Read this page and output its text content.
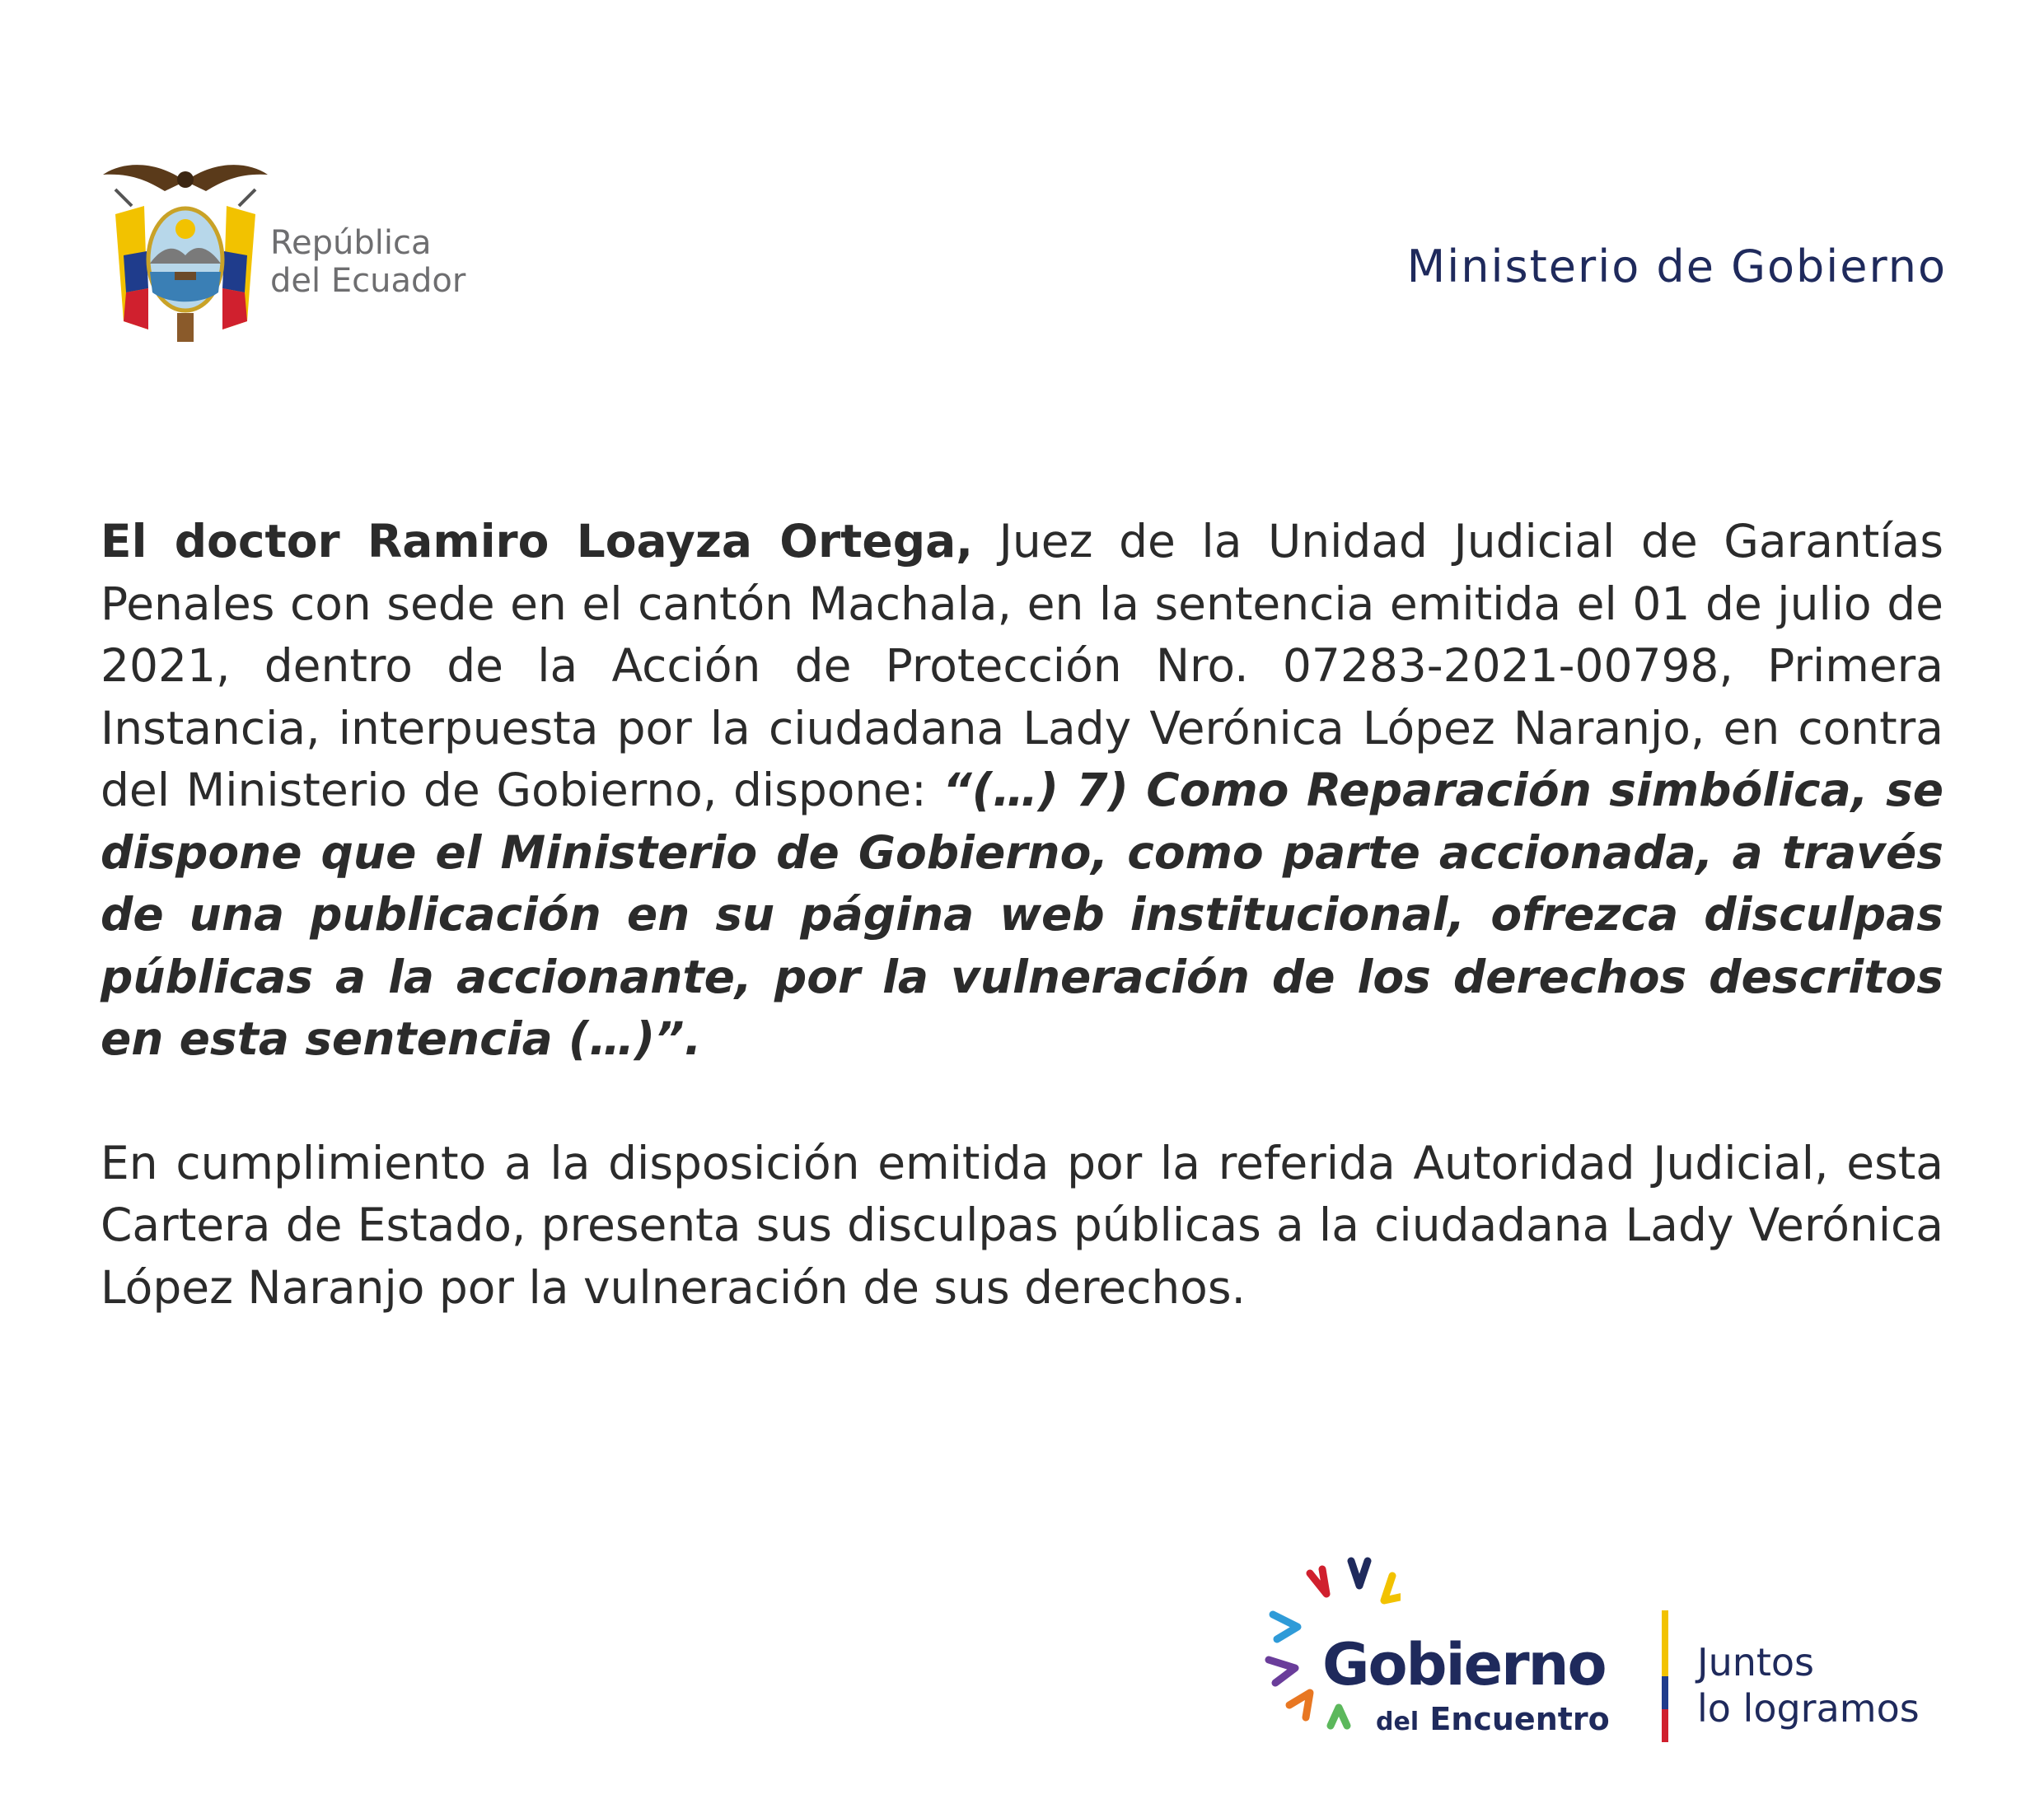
República
del Ecuador	Ministerio de Gobierno

El doctor Ramiro Loayza Ortega, Juez de la Unidad Judicial de Garantías Penales con sede en el cantón Machala, en la sentencia emitida el 01 de julio de 2021, dentro de la Acción de Protección Nro. 07283-2021-00798, Primera Instancia, interpuesta por la ciudadana Lady Verónica López Naranjo, en contra del Ministerio de Gobierno, dispone: “(…) 7) Como Reparación simbólica, se dispone que el Ministerio de Gobierno, como parte accionada, a través de una publicación en su página web institucional, ofrezca disculpas públicas a la accionante, por la vulneración de los derechos descritos en esta sentencia (…)”.

En cumplimiento a la disposición emitida por la referida Autoridad Judicial, esta Cartera de Estado, presenta sus disculpas públicas a la ciudadana Lady Verónica López Naranjo por la vulneración de sus derechos.

Gobierno
del Encuentro
Juntos
lo logramos
